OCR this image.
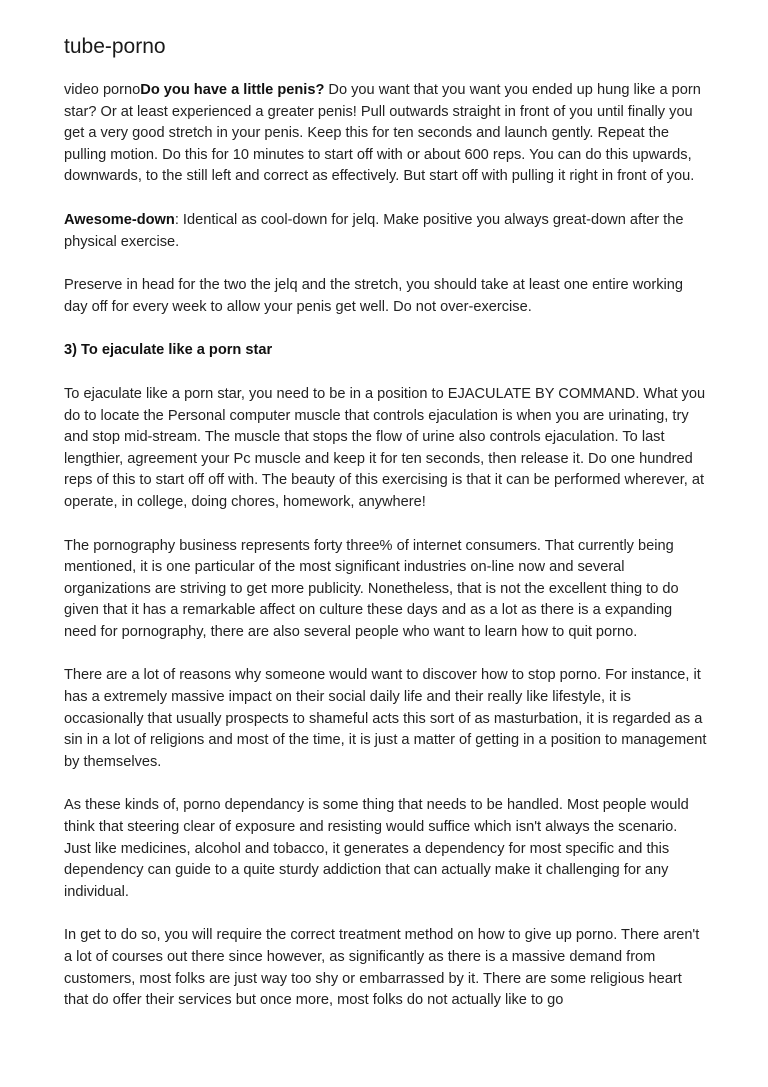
tube-porno

video pornoDo you have a little penis? Do you want that you want you ended up hung like a porn star? Or at least experienced a greater penis! Pull outwards straight in front of you until finally you get a very good stretch in your penis. Keep this for ten seconds and launch gently. Repeat the pulling motion. Do this for 10 minutes to start off with or about 600 reps. You can do this upwards, downwards, to the still left and correct as effectively. But start off with pulling it right in front of you.

Awesome-down: Identical as cool-down for jelq. Make positive you always great-down after the physical exercise.

Preserve in head for the two the jelq and the stretch, you should take at least one entire working day off for every week to allow your penis get well. Do not over-exercise.

3) To ejaculate like a porn star

To ejaculate like a porn star, you need to be in a position to EJACULATE BY COMMAND. What you do to locate the Personal computer muscle that controls ejaculation is when you are urinating, try and stop mid-stream. The muscle that stops the flow of urine also controls ejaculation. To last lengthier, agreement your Pc muscle and keep it for ten seconds, then release it. Do one hundred reps of this to start off off with. The beauty of this exercising is that it can be performed wherever, at operate, in college, doing chores, homework, anywhere!

The pornography business represents forty three% of internet consumers. That currently being mentioned, it is one particular of the most significant industries on-line now and several organizations are striving to get more publicity. Nonetheless, that is not the excellent thing to do given that it has a remarkable affect on culture these days and as a lot as there is a expanding need for pornography, there are also several people who want to learn how to quit porno.

There are a lot of reasons why someone would want to discover how to stop porno. For instance, it has a extremely massive impact on their social daily life and their really like lifestyle, it is occasionally that usually prospects to shameful acts this sort of as masturbation, it is regarded as a sin in a lot of religions and most of the time, it is just a matter of getting in a position to management by themselves.

As these kinds of, porno dependancy is some thing that needs to be handled. Most people would think that steering clear of exposure and resisting would suffice which isn't always the scenario. Just like medicines, alcohol and tobacco, it generates a dependency for most specific and this dependency can guide to a quite sturdy addiction that can actually make it challenging for any individual.

In get to do so, you will require the correct treatment method on how to give up porno. There aren't a lot of courses out there since however, as significantly as there is a massive demand from customers, most folks are just way too shy or embarrassed by it. There are some religious heart that do offer their services but once more, most folks do not actually like to go
